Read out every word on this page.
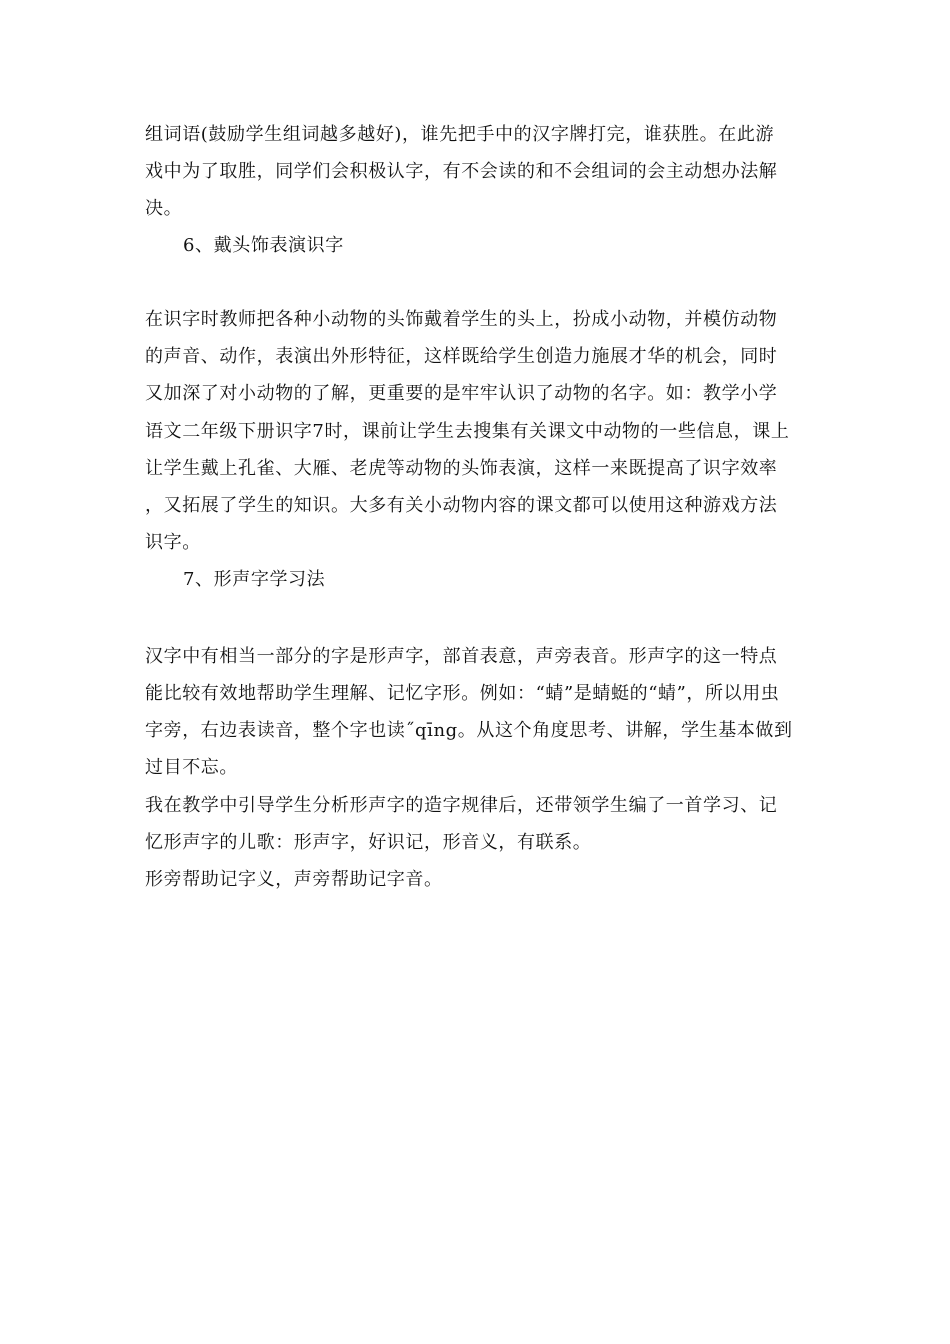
组词语(鼓励学生组词越多越好)，谁先把手中的汉字牌打完，谁获胜。在此游
戏中为了取胜，同学们会积极认字，有不会读的和不会组词的会主动想办法解
决。
6、戴头饰表演识字
在识字时教师把各种小动物的头饰戴着学生的头上，扮成小动物，并模仿动物
的声音、动作，表演出外形特征，这样既给学生创造力施展才华的机会，同时
又加深了对小动物的了解，更重要的是牢牢认识了动物的名字。如：教学小学
语文二年级下册识字7时，课前让学生去搜集有关课文中动物的一些信息，课上
让学生戴上孔雀、大雁、老虎等动物的头饰表演，这样一来既提高了识字效率
，又拓展了学生的知识。大多有关小动物内容的课文都可以使用这种游戏方法
识字。
7、形声字学习法
汉字中有相当一部分的字是形声字，部首表意，声旁表音。形声字的这一特点
能比较有效地帮助学生理解、记忆字形。例如：“蜻”是蜻蜓的“蜻”，所以用虫
字旁，右边表读音，整个字也读˝qīng。从这个角度思考、讲解，学生基本做到
过目不忘。
我在教学中引导学生分析形声字的造字规律后，还带领学生编了一首学习、记
忆形声字的儿歌：形声字，好识记，形音义，有联系。
形旁帮助记字义，声旁帮助记字音。
